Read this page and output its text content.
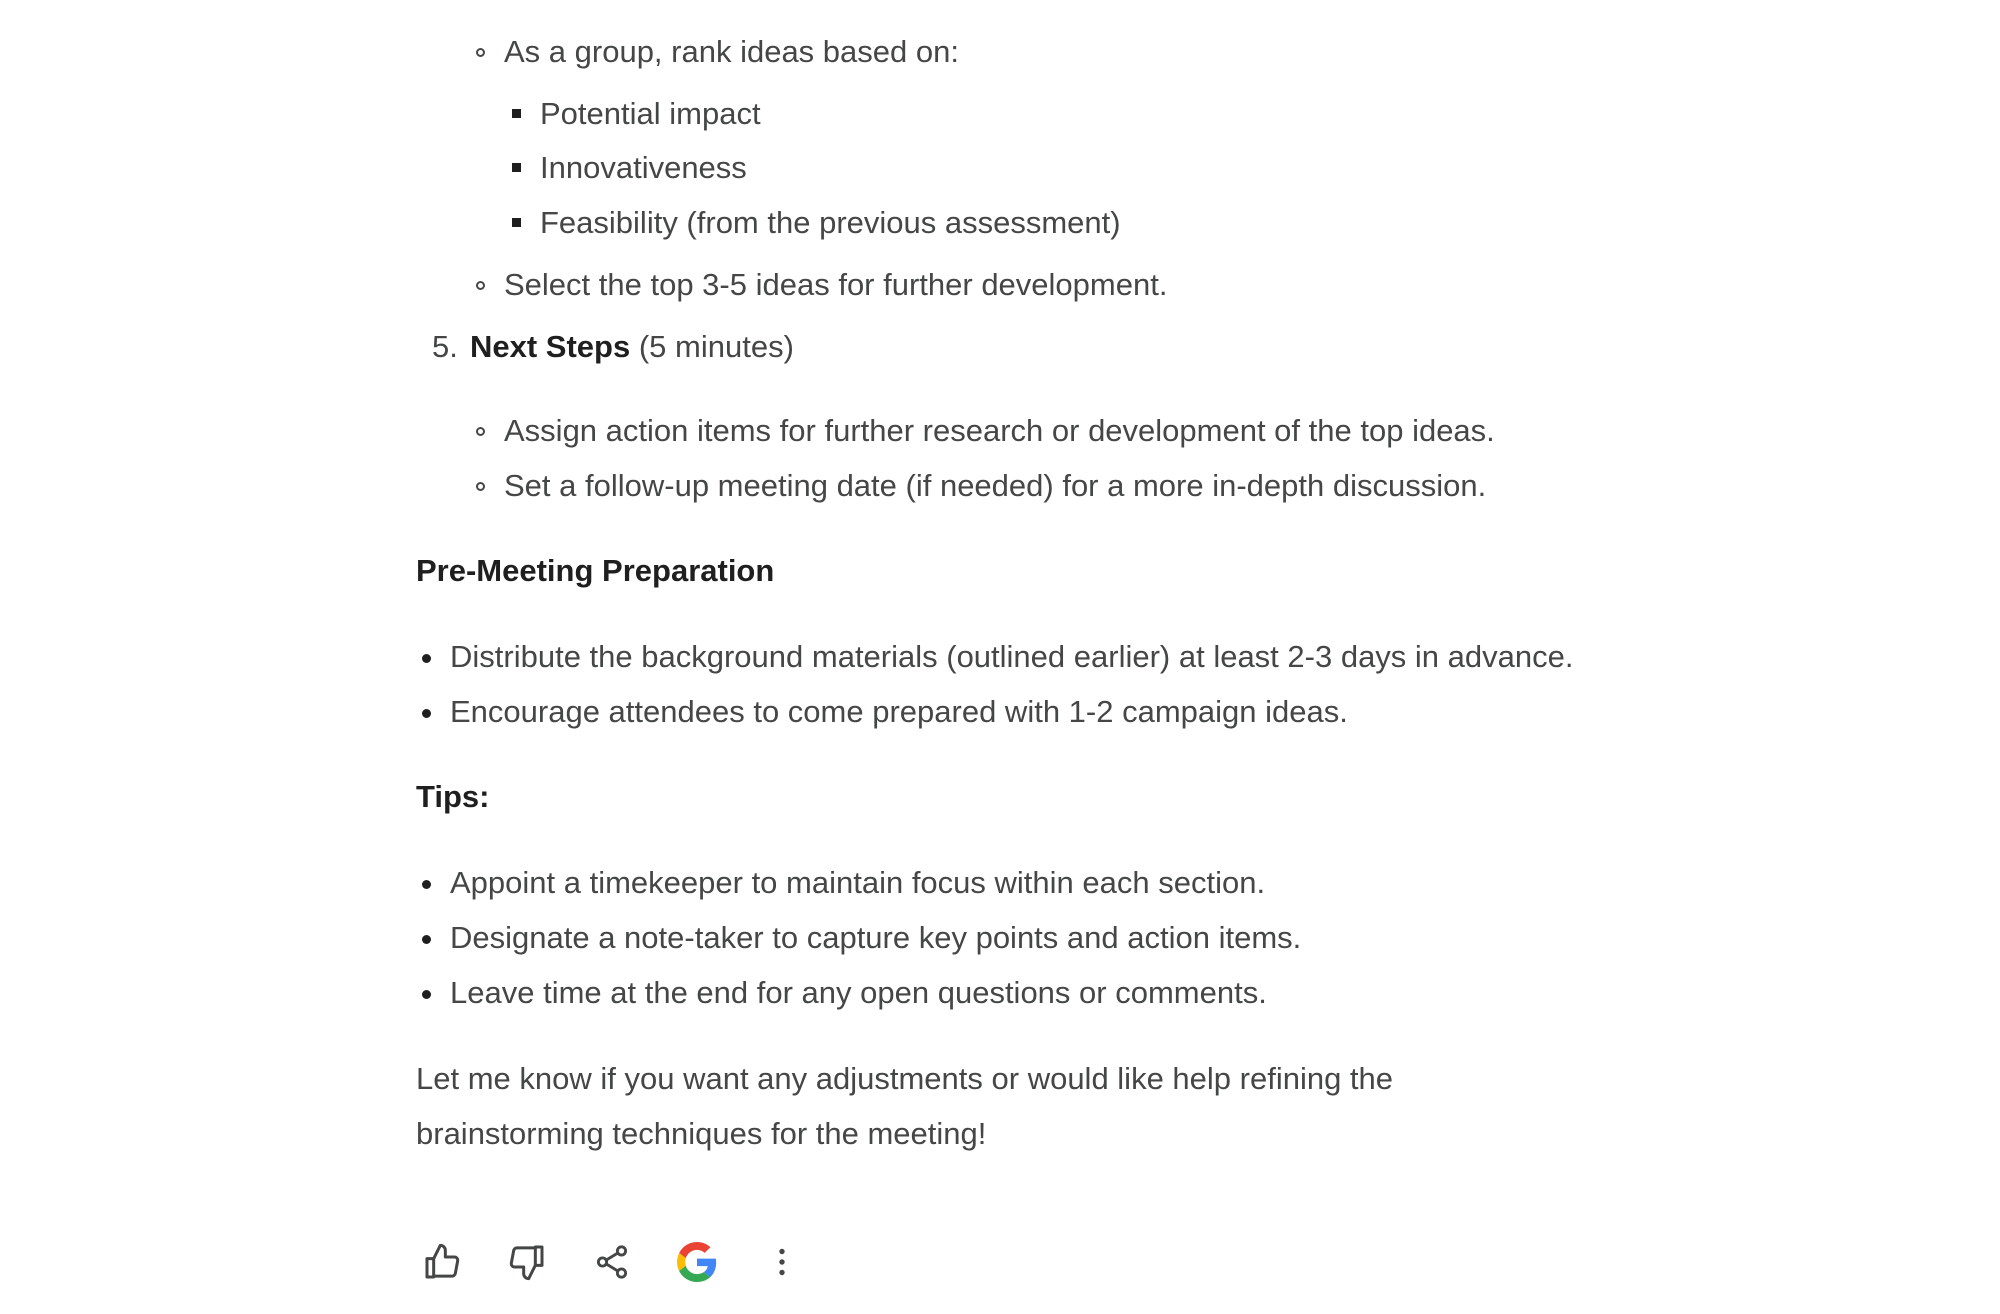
As a group, rank ideas based on:
Potential impact
Innovativeness
Feasibility (from the previous assessment)
Select the top 3-5 ideas for further development.
5. Next Steps (5 minutes)
Assign action items for further research or development of the top ideas.
Set a follow-up meeting date (if needed) for a more in-depth discussion.
Pre-Meeting Preparation
Distribute the background materials (outlined earlier) at least 2-3 days in advance.
Encourage attendees to come prepared with 1-2 campaign ideas.
Tips:
Appoint a timekeeper to maintain focus within each section.
Designate a note-taker to capture key points and action items.
Leave time at the end for any open questions or comments.
Let me know if you want any adjustments or would like help refining the
brainstorming techniques for the meeting!
